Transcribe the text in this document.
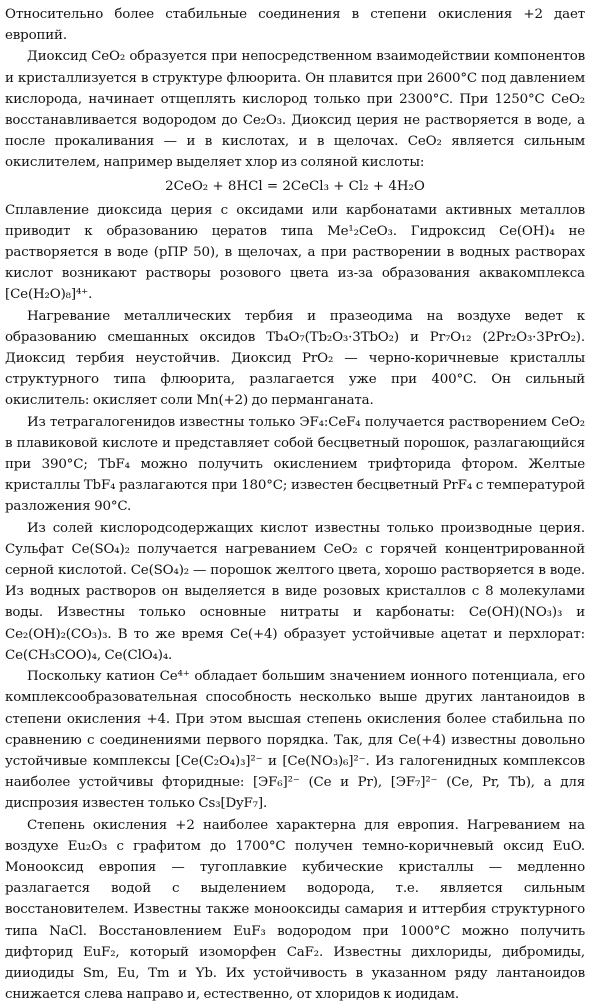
Относительно более стабильные соединения в степени окисления +2 дает европий.

Диоксид CeO₂ образуется при непосредственном взаимодействии компонентов и кристаллизуется в структуре флюорита. Он плавится при 2600°C под давлением кислорода, начинает отщеплять кислород только при 2300°C. При 1250°C CeO₂ восстанавливается водородом до Ce₂O₃. Диоксид церия не растворяется в воде, а после прокаливания — и в кислотах, и в щелочах. CeO₂ является сильным окислителем, например выделяет хлор из соляной кислоты:

2CeO₂ + 8HCl = 2CeCl₃ + Cl₂ + 4H₂O

Сплавление диоксида церия с оксидами или карбонатами активных металлов приводит к образованию цератов типа Me¹₂CeO₃. Гидроксид Ce(OH)₄ не растворяется в воде (рПР 50), в щелочах, а при растворении в водных растворах кислот возникают растворы розового цвета из-за образования аквакомплекса [Ce(H₂O)₈]⁴⁺.

Нагревание металлических тербия и празеодима на воздухе ведет к образованию смешанных оксидов Tb₄O₇(Tb₂O₃·3TbO₂) и Pr₇O₁₂ (2Pr₂O₃·3PrO₂). Диоксид тербия неустойчив. Диоксид PrO₂ — черно-коричневые кристаллы структурного типа флюорита, разлагается уже при 400°C. Он сильный окислитель: окисляет соли Mn(+2) до перманганата.

Из тетрагалогенидов известны только ЭF₄:CeF₄ получается растворением CeO₂ в плавиковой кислоте и представляет собой бесцветный порошок, разлагающийся при 390°C; TbF₄ можно получить окислением трифторида фтором. Желтые кристаллы TbF₄ разлагаются при 180°C; известен бесцветный PrF₄ с температурой разложения 90°C.

Из солей кислородсодержащих кислот известны только производные церия. Сульфат Ce(SO₄)₂ получается нагреванием CeO₂ с горячей концентрированной серной кислотой. Ce(SO₄)₂ — порошок желтого цвета, хорошо растворяется в воде. Из водных растворов он выделяется в виде розовых кристаллов с 8 молекулами воды. Известны только основные нитраты и карбонаты: Ce(OH)(NO₃)₃ и Ce₂(OH)₂(CO₃)₃. В то же время Ce(+4) образует устойчивые ацетат и перхлорат: Ce(CH₃COO)₄, Ce(ClO₄)₄.

Поскольку катион Ce⁴⁺ обладает большим значением ионного потенциала, его комплексообразовательная способность несколько выше других лантаноидов в степени окисления +4. При этом высшая степень окисления более стабильна по сравнению с соединениями первого порядка. Так, для Ce(+4) известны довольно устойчивые комплексы [Ce(C₂O₄)₃]²⁻ и [Ce(NO₃)₆]²⁻. Из галогенидных комплексов наиболее устойчивы фторидные: [ЭF₆]²⁻ (Ce и Pr), [ЭF₇]²⁻ (Ce, Pr, Tb), а для диспрозия известен только Cs₃[DyF₇].

Степень окисления +2 наиболее характерна для европия. Нагреванием на воздухе Eu₂O₃ с графитом до 1700°C получен темно-коричневый оксид EuO. Монооксид европия — тугоплавкие кубические кристаллы — медленно разлагается водой с выделением водорода, т.е. является сильным восстановителем. Известны также монооксиды самария и иттербия структурного типа NaCl. Восстановлением EuF₃ водородом при 1000°C можно получить дифторид EuF₂, который изоморфен CaF₂. Известны дихлориды, дибромиды, дииодиды Sm, Eu, Tm и Yb. Их устойчивость в указанном ряду лантаноидов снижается слева направо и, естественно, от хлоридов к иодидам.
